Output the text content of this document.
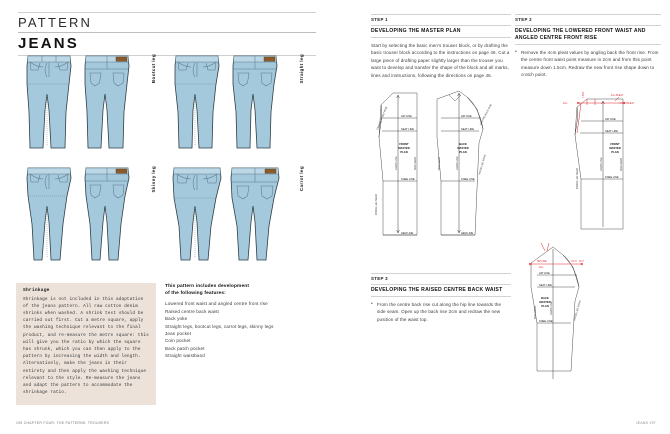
PATTERN
JEANS
Bootcut leg	Straight leg
Skinny leg	Carrot leg
Shrinkage
Shrinkage is not included in this adaptation of the jeans pattern. All raw cotton denim shrinks when washed. A shrink test should be carried out first. Cut a metre square, apply the washing technique relevant to the final product, and re-measure the metre square: this will give you the ratio by which the square has shrunk, which you can then apply to the pattern by increasing the width and length. Alternatively, make the jeans in their entirety and then apply the washing technique relevant to the style. Re-measure the jeans and adapt the pattern to accommodate the shrinkage ratio.
This pattern includes development
of the following features:
Lowered front waist and angled centre front rise
Raised centre back waist
Back yoke
Straight legs, bootcut legs, carrot legs, skinny legs
Jean pocket
Coin pocket
Back patch pocket
Straight waistband
196 CHAPTER FOUR: THE PATTERNS: TROUSERS
STEP 1
DEVELOPING THE MASTER PLAN
Start by selecting the basic men's trouser block, or by drafting the basic trouser block according to the instructions on page 46. Cut a large piece of drafting paper slightly larger than the trouser you want to develop and transfer the shape of the block and all marks, lines and instructions, following the directions on page 46.
HIP LINE
SEAT LINE
KNEE LINE
HEM LINE
HIP LINE
SEAT LINE
KNEE LINE
HEM LINE
FRONT
MASTER
PLAN
BACK
MASTER
PLAN
CENTRE FRONT RISE
INSIDE LEG SEAM
GRAIN LINE	SIDE SEAM
CENTRE BACK RISE
SIDE SEAM	GRAIN LINE	INSIDE LEG SEAM
STEP 3
DEVELOPING THE RAISED CENTRE BACK WAIST
• From the centre back rise cut along the hip line towards the side seam. Open up the back rise 2cm and redraw the new position of the waist top.
STEP 2
DEVELOPING THE LOWERED FRONT WAIST AND ANGLED CENTRE FRONT RISE
• Remove the 4cm pleat values by angling back the front rise. From the centre front waist point measure in 2cm and from this point measure down 1.5cm. Redraw the new front rise shape down to crotch point.
2cm
1.5cm	4cm PLEAT
PLEAT
HIP LINE
SEAT LINE
KNEE LINE
FRONT
MASTER
PLAN
INSIDE LEG SEAM
GRAIN LINE	SIDE SEAM
HIP LINE
2cm
CUT
HIP LINE
SEAT LINE
KNEE LINE
BACK
MASTER
PLAN
SIDE SEAM	GRAIN LINE	INSIDE LEG SEAM
JEANS 197
